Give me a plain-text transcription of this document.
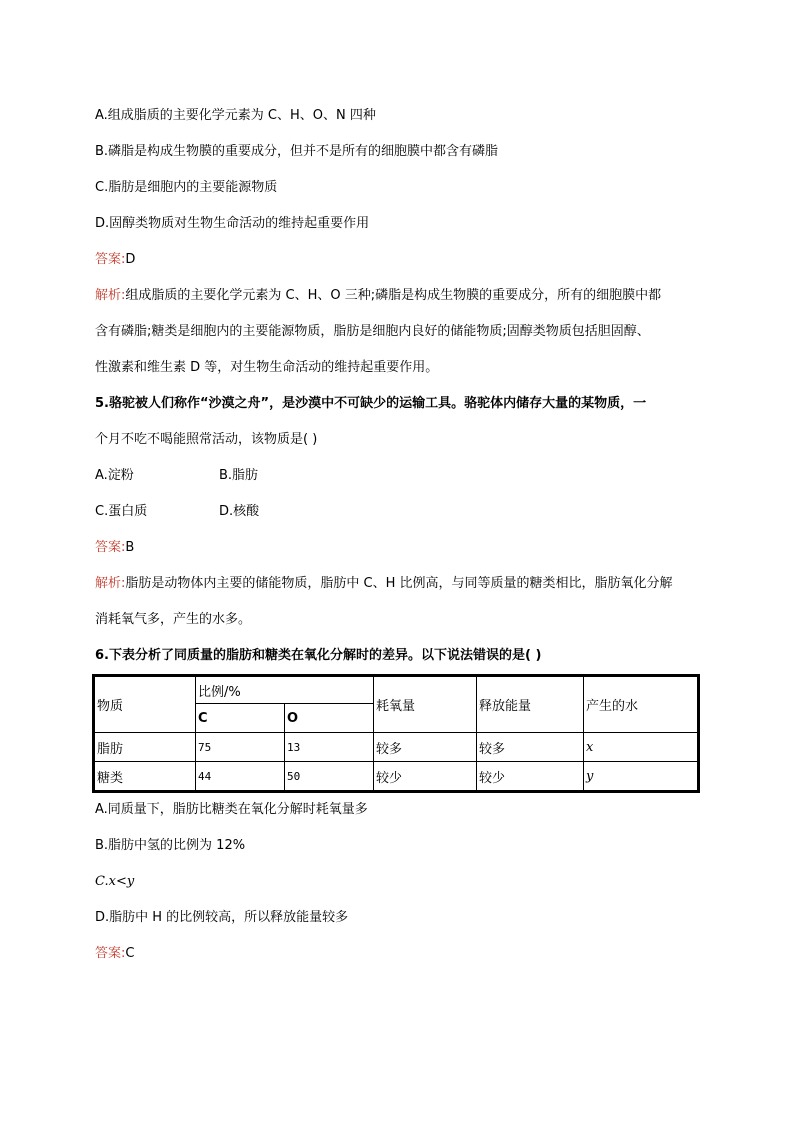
A.组成脂质的主要化学元素为 C、H、O、N 四种
B.磷脂是构成生物膜的重要成分，但并不是所有的细胞膜中都含有磷脂
C.脂肪是细胞内的主要能源物质
D.固醇类物质对生物生命活动的维持起重要作用
答案:D
解析:组成脂质的主要化学元素为 C、H、O 三种;磷脂是构成生物膜的重要成分，所有的细胞膜中都
含有磷脂;糖类是细胞内的主要能源物质，脂肪是细胞内良好的储能物质;固醇类物质包括胆固醇、
性激素和维生素 D 等，对生物生命活动的维持起重要作用。
5.骆驼被人们称作“沙漠之舟”，是沙漠中不可缺少的运输工具。骆驼体内储存大量的某物质，一
个月不吃不喝能照常活动，该物质是( )
A.淀粉	B.脂肪
C.蛋白质	D.核酸
答案:B
解析:脂肪是动物体内主要的储能物质，脂肪中 C、H 比例高，与同等质量的糖类相比，脂肪氧化分解
消耗氧气多，产生的水多。
6.下表分析了同质量的脂肪和糖类在氧化分解时的差异。以下说法错误的是( )
物质	比例/%		耗氧量	释放能量	产生的水
	C	O			
脂肪	75	13	较多	较多	x
糖类	44	50	较少	较少	y
A.同质量下，脂肪比糖类在氧化分解时耗氧量多
B.脂肪中氢的比例为 12%
C.x<y
D.脂肪中 H 的比例较高，所以释放能量较多
答案:C
